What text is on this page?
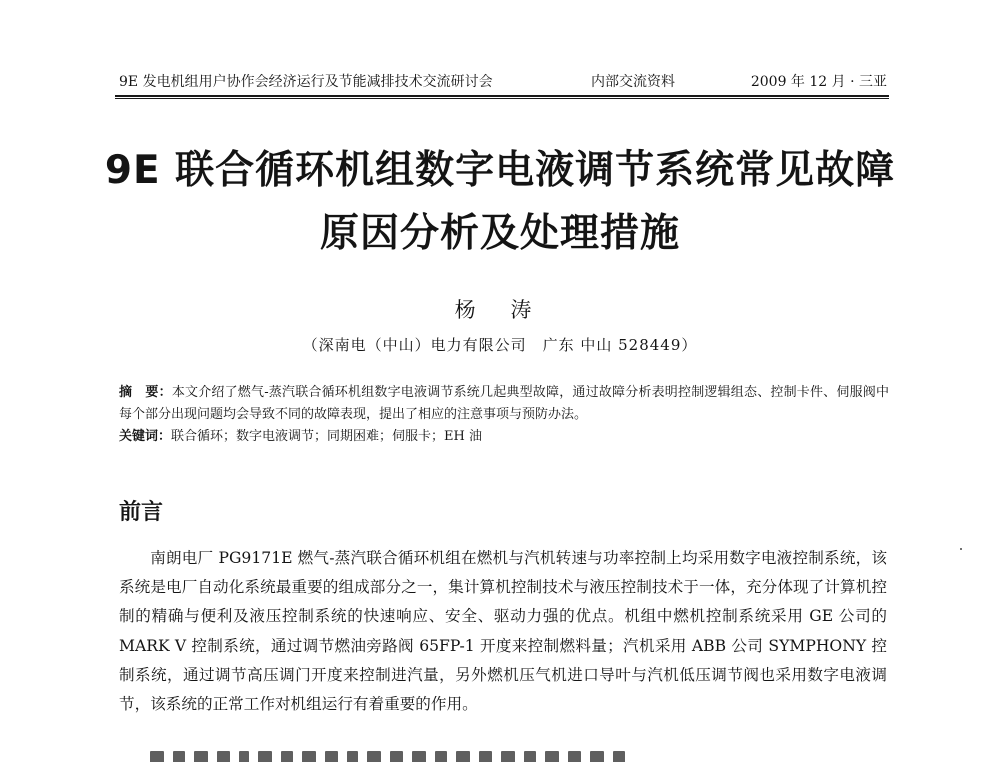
9E 发电机组用户协作会经济运行及节能减排技术交流研讨会	内部交流资料	2009 年 12 月 · 三亚
9E 联合循环机组数字电液调节系统常见故障
原因分析及处理措施
杨 涛
（深南电（中山）电力有限公司　广东 中山 528449）

摘　要：本文介绍了燃气-蒸汽联合循环机组数字电液调节系统几起典型故障，通过故障分析表明控制逻辑组态、控制卡件、伺服阀中每个部分出现问题均会导致不同的故障表现，提出了相应的注意事项与预防办法。

关键词：联合循环；数字电液调节；同期困难；伺服卡；EH 油
前言

南朗电厂 PG9171E 燃气-蒸汽联合循环机组在燃机与汽机转速与功率控制上均采用数字电液控制系统，该系统是电厂自动化系统最重要的组成部分之一，集计算机控制技术与液压控制技术于一体，充分体现了计算机控制的精确与便利及液压控制系统的快速响应、安全、驱动力强的优点。机组中燃机控制系统采用 GE 公司的 MARK V 控制系统，通过调节燃油旁路阀 65FP-1 开度来控制燃料量；汽机采用 ABB 公司 SYMPHONY 控制系统，通过调节高压调门开度来控制进汽量，另外燃机压气机进口导叶与汽机低压调节阀也采用数字电液调节，该系统的正常工作对机组运行有着重要的作用。
